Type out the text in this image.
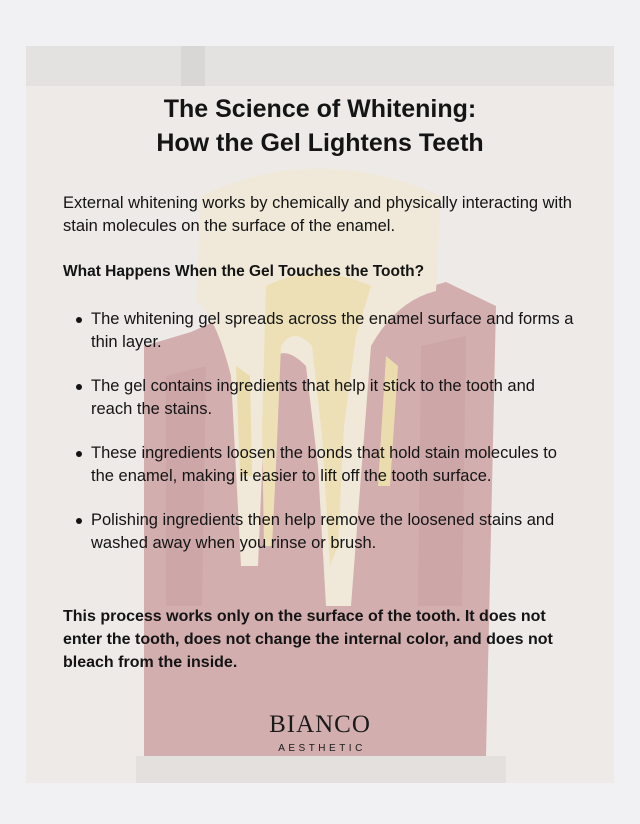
The Science of Whitening:
How the Gel Lightens Teeth

External whitening works by chemically and physically interacting with stain molecules on the surface of the enamel.

What Happens When the Gel Touches the Tooth?

The whitening gel spreads across the enamel surface and forms a thin layer.
The gel contains ingredients that help it stick to the tooth and reach the stains.
These ingredients loosen the bonds that hold stain molecules to the enamel, making it easier to lift off the tooth surface.
Polishing ingredients then help remove the loosened stains and washed away when you rinse or brush.

This process works only on the surface of the tooth. It does not enter the tooth, does not change the internal color, and does not bleach from the inside.

BIANCO
AESTHETIC
